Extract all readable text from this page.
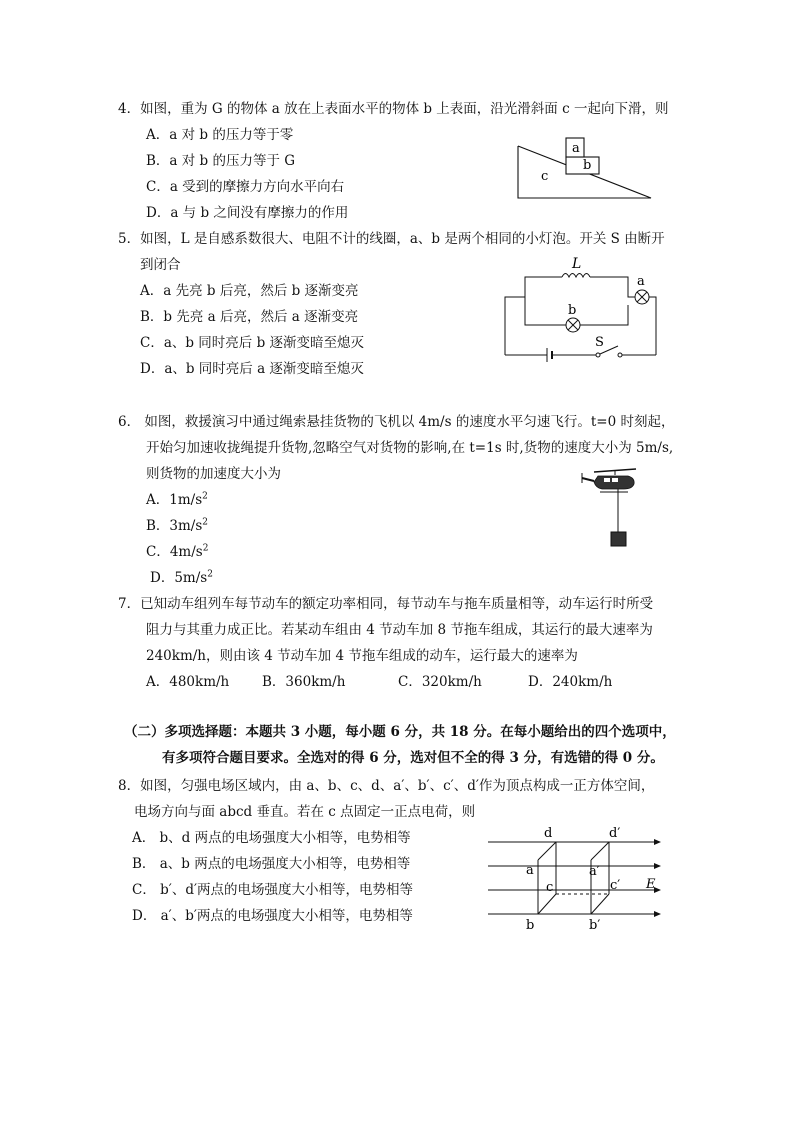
4．如图，重为 G 的物体 a 放在上表面水平的物体 b 上表面，沿光滑斜面 c 一起向下滑，则
A．a 对 b 的压力等于零
B．a 对 b 的压力等于 G
C．a 受到的摩擦力方向水平向右
D．a 与 b 之间没有摩擦力的作用
a
b
c
5．如图，L 是自感系数很大、电阻不计的线圈，a、b 是两个相同的小灯泡。开关 S 由断开
到闭合
A．a 先亮 b 后亮，然后 b 逐渐变亮
B．b 先亮 a 后亮，然后 a 逐渐变亮
C．a、b 同时亮后 b 逐渐变暗至熄灭
D．a、b 同时亮后 a 逐渐变暗至熄灭
L
a
b
S
6． 如图，救援演习中通过绳索悬挂货物的飞机以 4m/s 的速度水平匀速飞行。t=0 时刻起，
开始匀加速收拢绳提升货物,忽略空气对货物的影响,在 t=1s 时,货物的速度大小为 5m/s,
则货物的加速度大小为
A．$1m/s^2$
B．$3m/s^2$
C．$4m/s^2$
D．$5m/s^2$
7．已知动车组列车每节动车的额定功率相同，每节动车与拖车质量相等，动车运行时所受
阻力与其重力成正比。若某动车组由 4 节动车加 8 节拖车组成，其运行的最大速率为
240km/h，则由该 4 节动车加 4 节拖车组成的动车，运行最大的速率为
A．480km/h B．360km/h	C．320km/h	D．240km/h
（二）多项选择题：本题共 3 小题，每小题 6 分，共 18 分。在每小题给出的四个选项中，
有多项符合题目要求。全选对的得 6 分，选对但不全的得 3 分，有选错的得 0 分。
8．如图，匀强电场区域内，由 a、b、c、d、a′、b′、c′、d′作为顶点构成一正方体空间，
电场方向与面 abcd 垂直。若在 c 点固定一正点电荷，则
A． b、d 两点的电场强度大小相等，电势相等
B． a、b 两点的电场强度大小相等，电势相等
C． b′、d′两点的电场强度大小相等，电势相等
D． a′、b′两点的电场强度大小相等，电势相等
d	d′
a	a′
c	c′ E
b	b′
